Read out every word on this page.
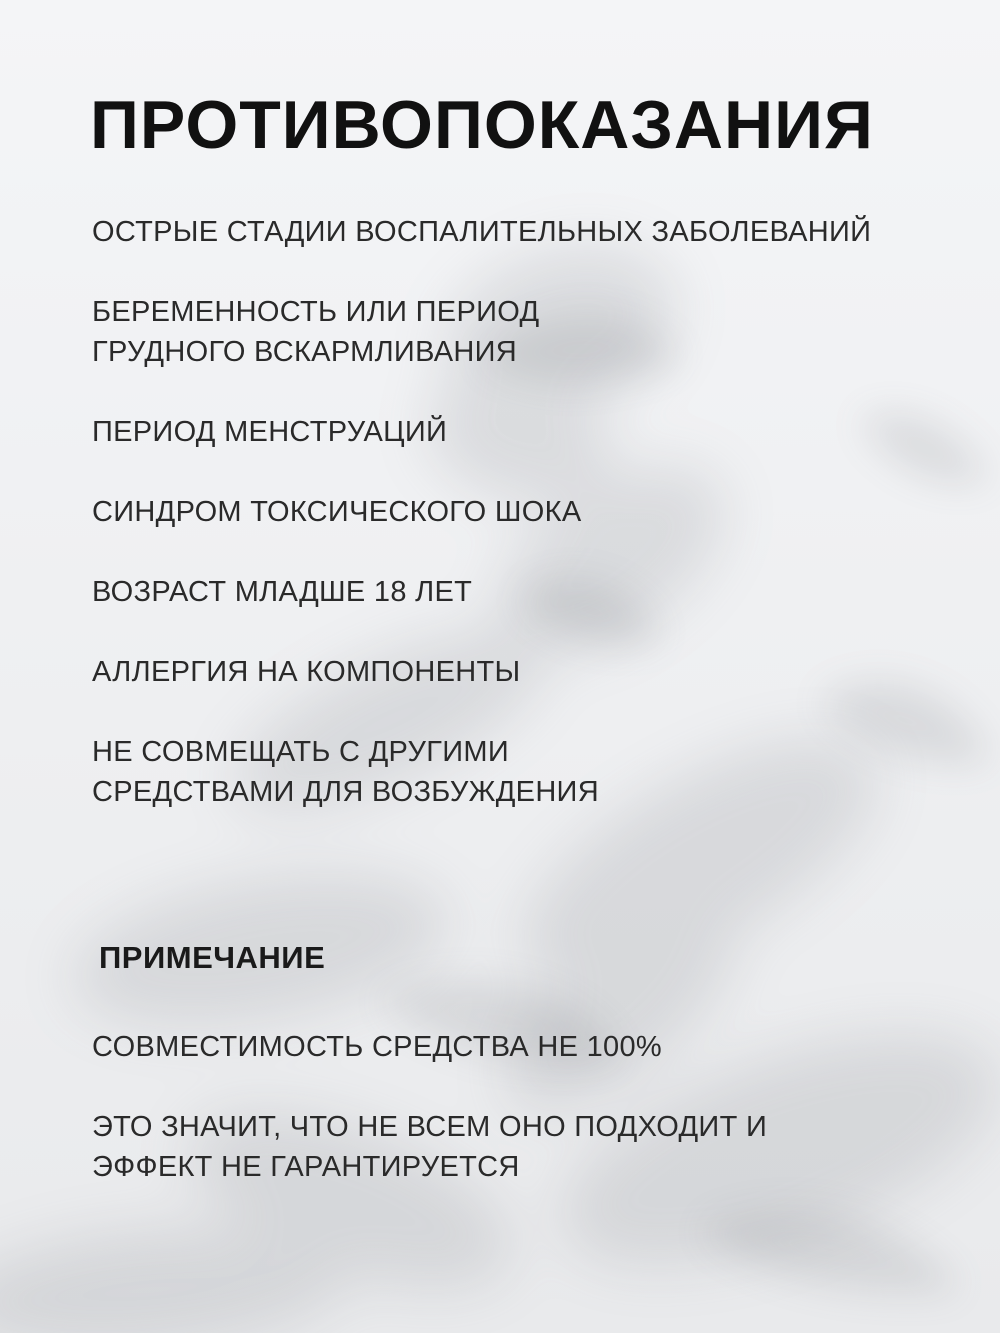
ПРОТИВОПОКАЗАНИЯ

ОСТРЫЕ СТАДИИ ВОСПАЛИТЕЛЬНЫХ ЗАБОЛЕВАНИЙ

БЕРЕМЕННОСТЬ ИЛИ ПЕРИОД
ГРУДНОГО ВСКАРМЛИВАНИЯ

ПЕРИОД МЕНСТРУАЦИЙ

СИНДРОМ ТОКСИЧЕСКОГО ШОКА

ВОЗРАСТ МЛАДШЕ 18 ЛЕТ

АЛЛЕРГИЯ НА КОМПОНЕНТЫ

НЕ СОВМЕЩАТЬ С ДРУГИМИ
СРЕДСТВАМИ ДЛЯ ВОЗБУЖДЕНИЯ

ПРИМЕЧАНИЕ

СОВМЕСТИМОСТЬ СРЕДСТВА НЕ 100%

ЭТО ЗНАЧИТ, ЧТО НЕ ВСЕМ ОНО ПОДХОДИТ И
ЭФФЕКТ НЕ ГАРАНТИРУЕТСЯ
